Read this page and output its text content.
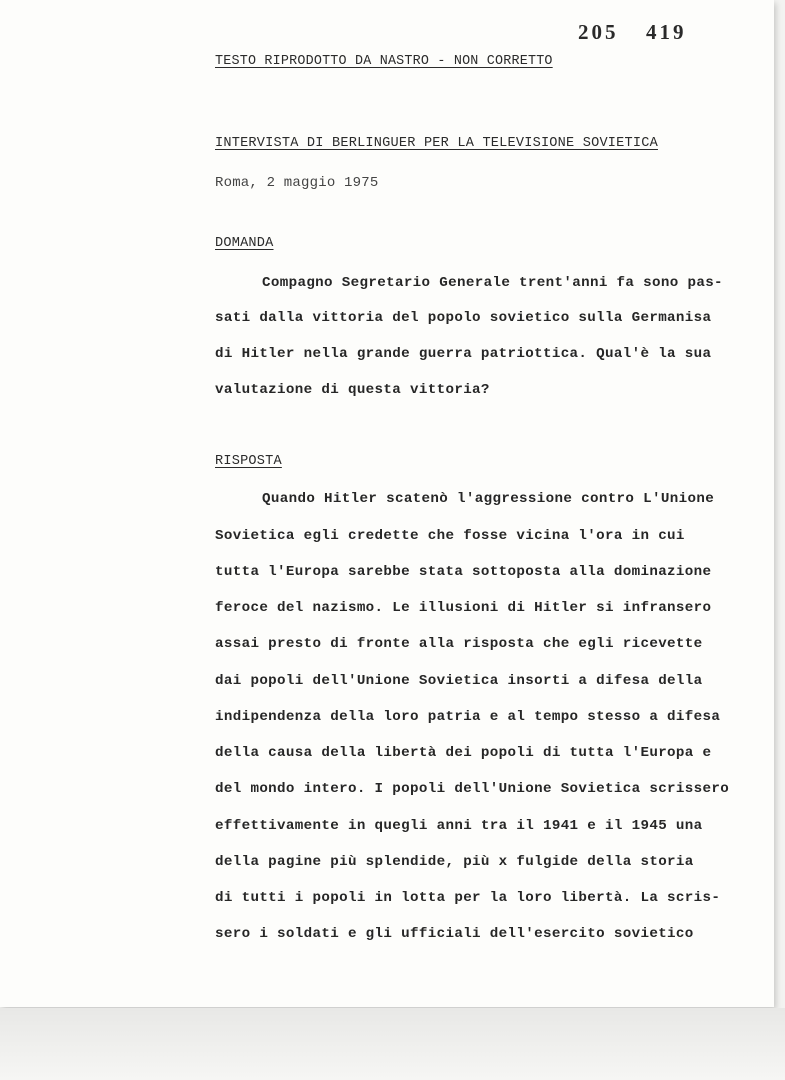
205 419
TESTO RIPRODOTTO DA NASTRO - NON CORRETTO
INTERVISTA DI BERLINGUER PER LA TELEVISIONE SOVIETICA
Roma, 2 maggio 1975
DOMANDA
Compagno Segretario Generale trent'anni fa sono pas-
sati dalla vittoria del popolo sovietico sulla Germanisa
di Hitler nella grande guerra patriottica. Qual'è la sua
valutazione di questa vittoria?
RISPOSTA
Quando Hitler scatenò l'aggressione contro L'Unione
Sovietica egli credette che fosse vicina l'ora in cui
tutta l'Europa sarebbe stata sottoposta alla dominazione
feroce del nazismo. Le illusioni di Hitler si infransero
assai presto di fronte alla risposta che egli ricevette
dai popoli dell'Unione Sovietica insorti a difesa della
indipendenza della loro patria e al tempo stesso a difesa
della causa della libertà dei popoli di tutta l'Europa e
del mondo intero. I popoli dell'Unione Sovietica scrissero
effettivamente in quegli anni tra il 1941 e il 1945 una
della pagine più splendide, più x fulgide della storia
di tutti i popoli in lotta per la loro libertà. La scris-
sero i soldati e gli ufficiali dell'esercito sovietico
